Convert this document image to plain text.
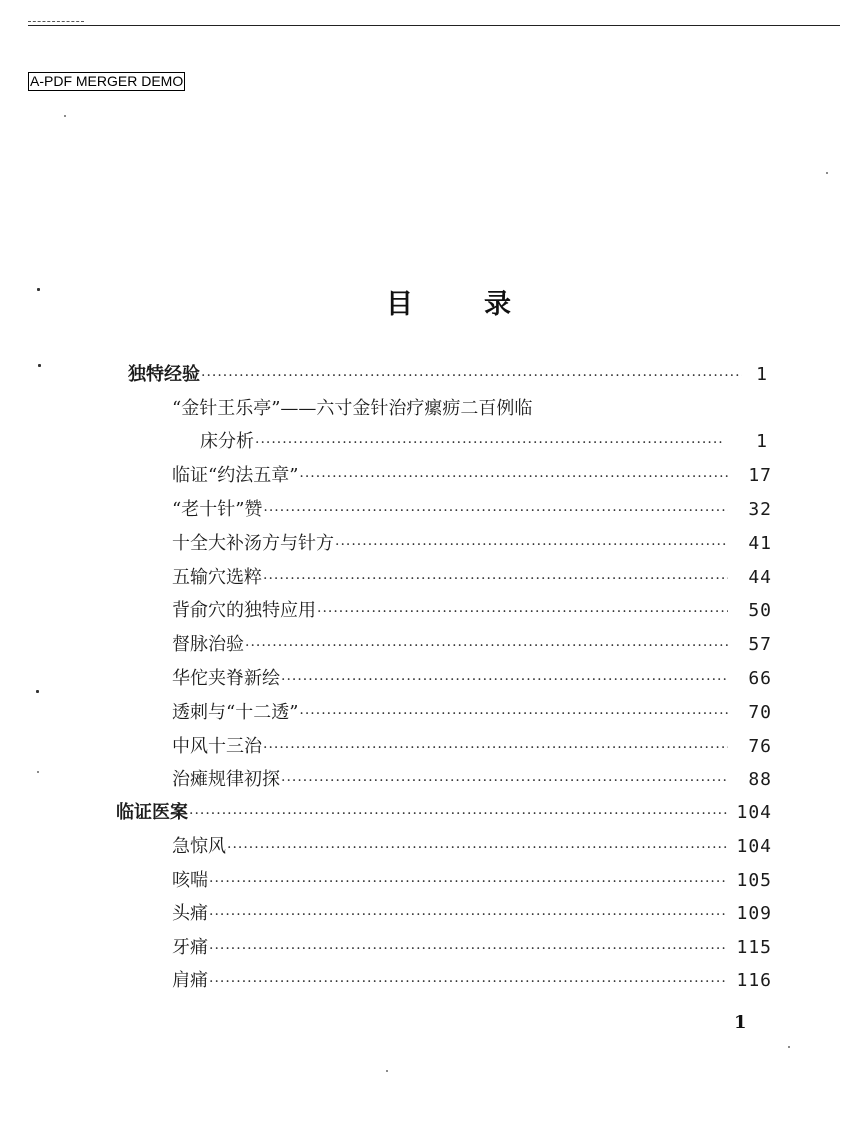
A-PDF MERGER DEMO
目	录
独特经验 ·····	1
“金针王乐亭”——六寸金针治疗瘰疬二百例临
床分析 ·····	1
临证“约法五章” ·····	17
“老十针”赞 ·····	32
十全大补汤方与针方 ·····	41
五输穴选粹 ·····	44
背俞穴的独特应用 ·····	50
督脉治验 ·····	57
华佗夹脊新绘 ·····	66
透刺与“十二透” ·····	70
中风十三治 ·····	76
治瘫规律初探 ·····	88
临证医案 ·····	104
急惊风 ·····	104
咳喘 ·····	105
头痛 ·····	109
牙痛 ·····	115
肩痛 ·····	116
1
